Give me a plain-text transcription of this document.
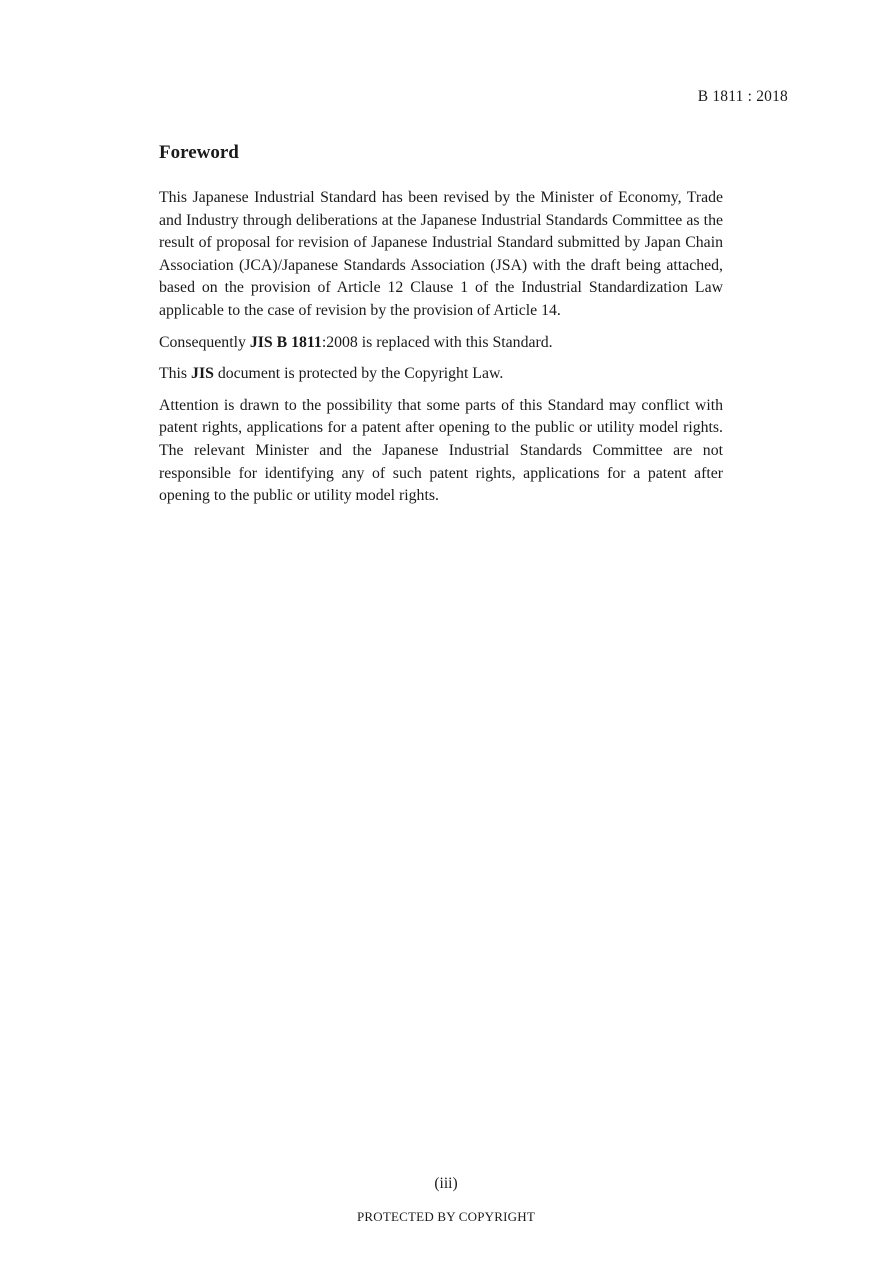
B 1811 : 2018
Foreword

This Japanese Industrial Standard has been revised by the Minister of Economy, Trade and Industry through deliberations at the Japanese Industrial Standards Committee as the result of proposal for revision of Japanese Industrial Standard submitted by Japan Chain Association (JCA)/Japanese Standards Association (JSA) with the draft being attached, based on the provision of Article 12 Clause 1 of the Industrial Standardization Law applicable to the case of revision by the provision of Article 14.

Consequently JIS B 1811:2008 is replaced with this Standard.

This JIS document is protected by the Copyright Law.

Attention is drawn to the possibility that some parts of this Standard may conflict with patent rights, applications for a patent after opening to the public or utility model rights. The relevant Minister and the Japanese Industrial Standards Committee are not responsible for identifying any of such patent rights, applications for a patent after opening to the public or utility model rights.

(iii)
PROTECTED BY COPYRIGHT
